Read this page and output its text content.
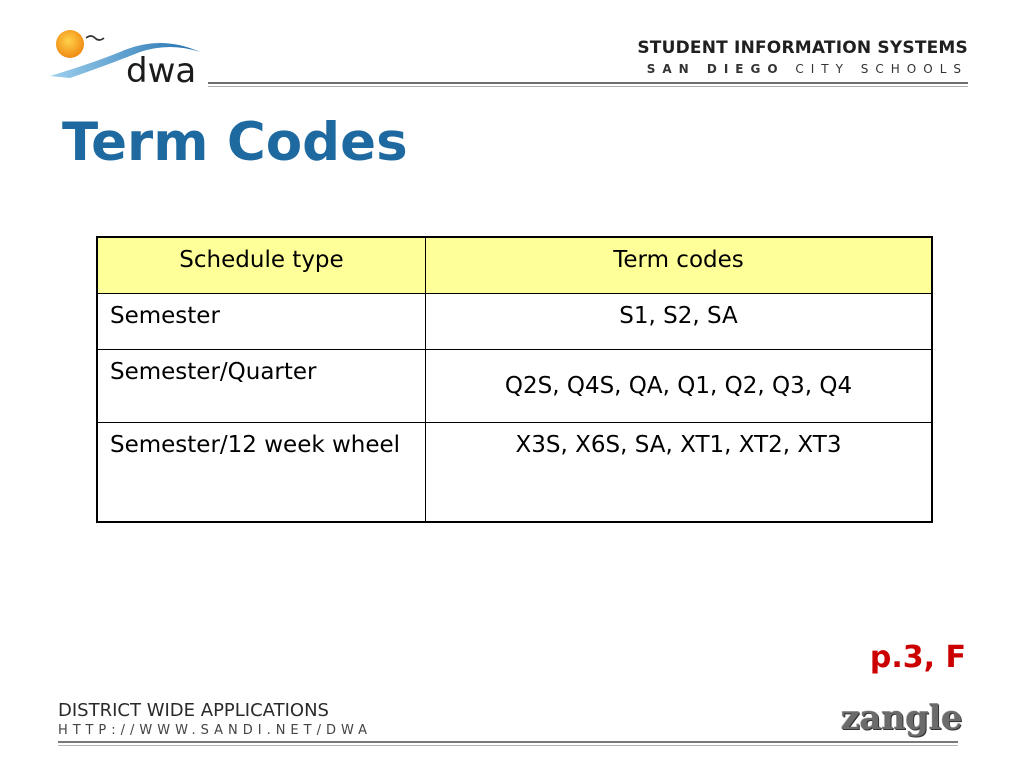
dwa
STUDENT INFORMATION SYSTEMS
SAN DIEGO CITY SCHOOLS
Term Codes
Schedule type	Term codes
Semester	S1, S2, SA
Semester/Quarter	Q2S, Q4S, QA, Q1, Q2, Q3, Q4
Semester/12 week wheel	X3S, X6S, SA, XT1, XT2, XT3
p.3, F
DISTRICT WIDE APPLICATIONS
HTTP://WWW.SANDI.NET/DWA	zangle
